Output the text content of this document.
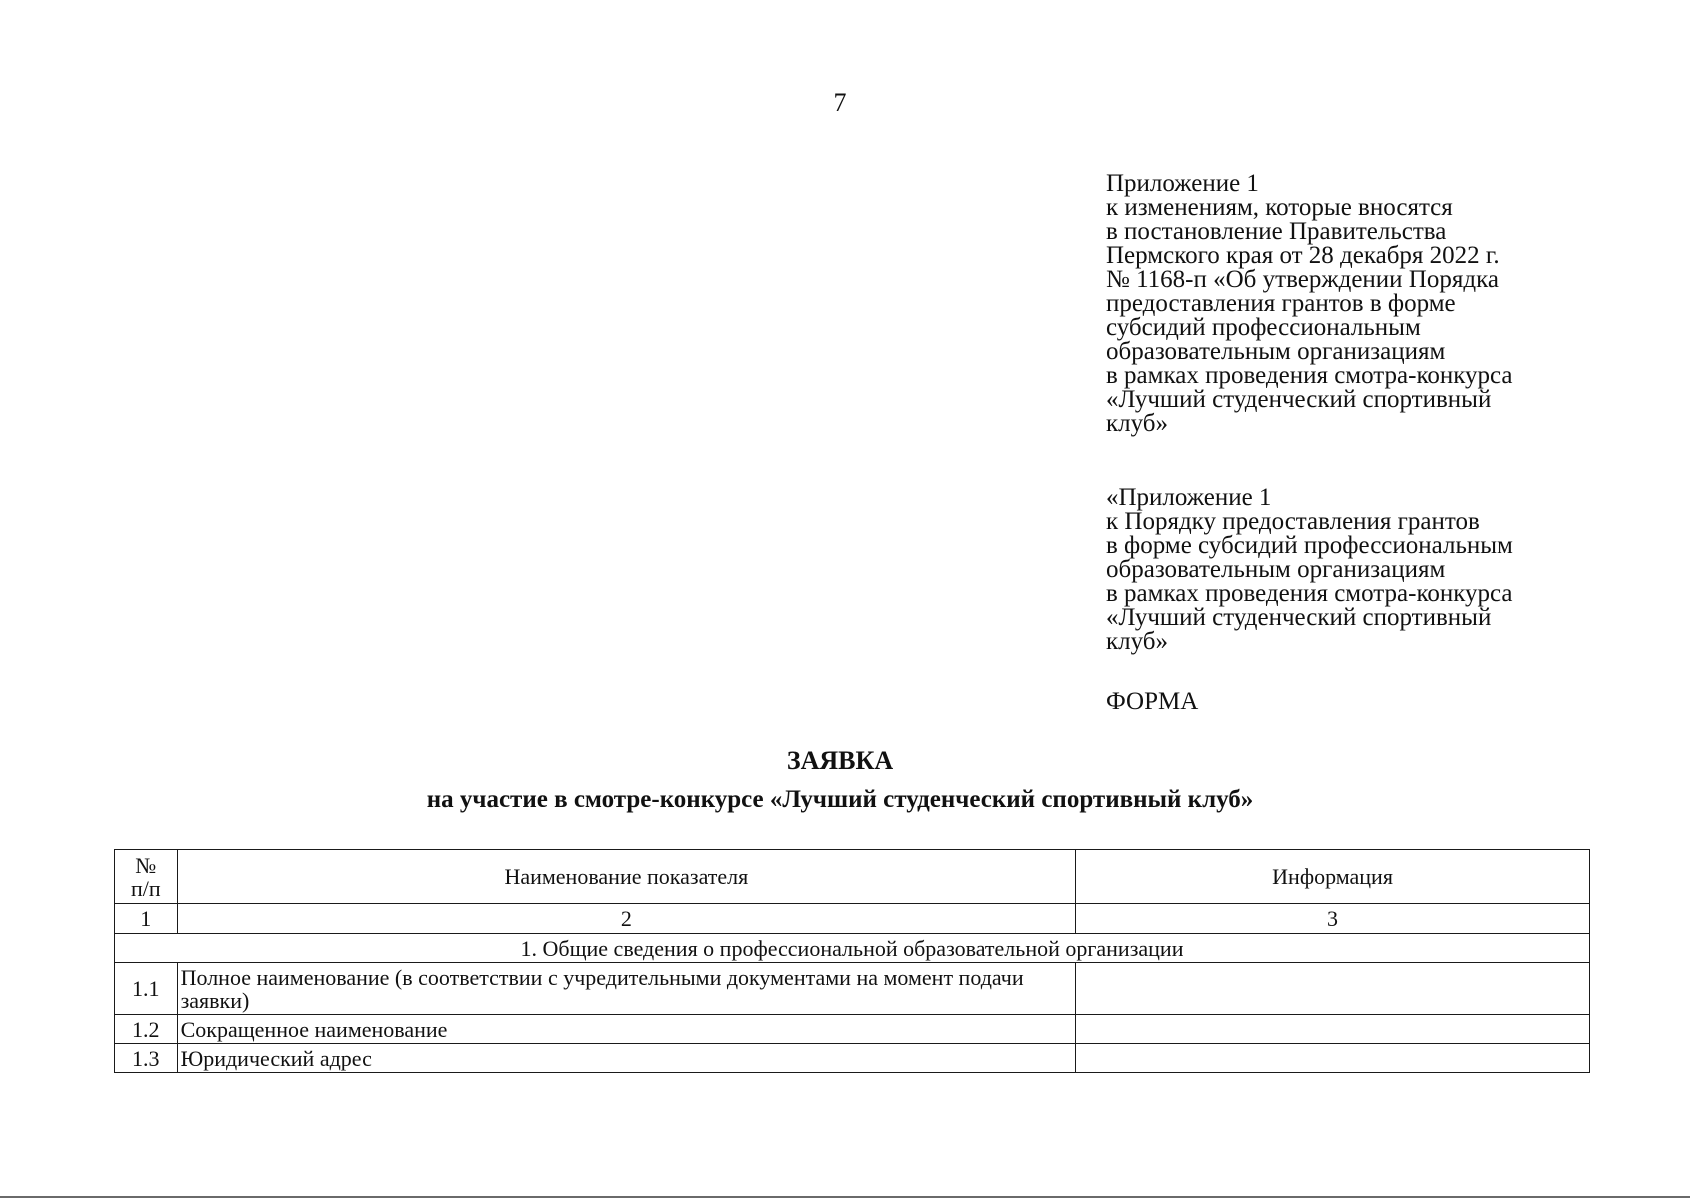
7
Приложение 1
к изменениям, которые вносятся
в постановление Правительства
Пермского края от 28 декабря 2022 г.
№ 1168-п «Об утверждении Порядка
предоставления грантов в форме
субсидий профессиональным
образовательным организациям
в рамках проведения смотра-конкурса
«Лучший студенческий спортивный
клуб»
«Приложение 1
к Порядку предоставления грантов
в форме субсидий профессиональным
образовательным организациям
в рамках проведения смотра-конкурса
«Лучший студенческий спортивный
клуб»
ФОРМА
ЗАЯВКА
на участие в смотре-конкурсе «Лучший студенческий спортивный клуб»
№
п/п	Наименование показателя	Информация
1	2	3
1. Общие сведения о профессиональной образовательной организации		
1.1	Полное наименование (в соответствии с учредительными документами на момент подачи заявки)	
1.2	Сокращенное наименование	
1.3	Юридический адрес	
